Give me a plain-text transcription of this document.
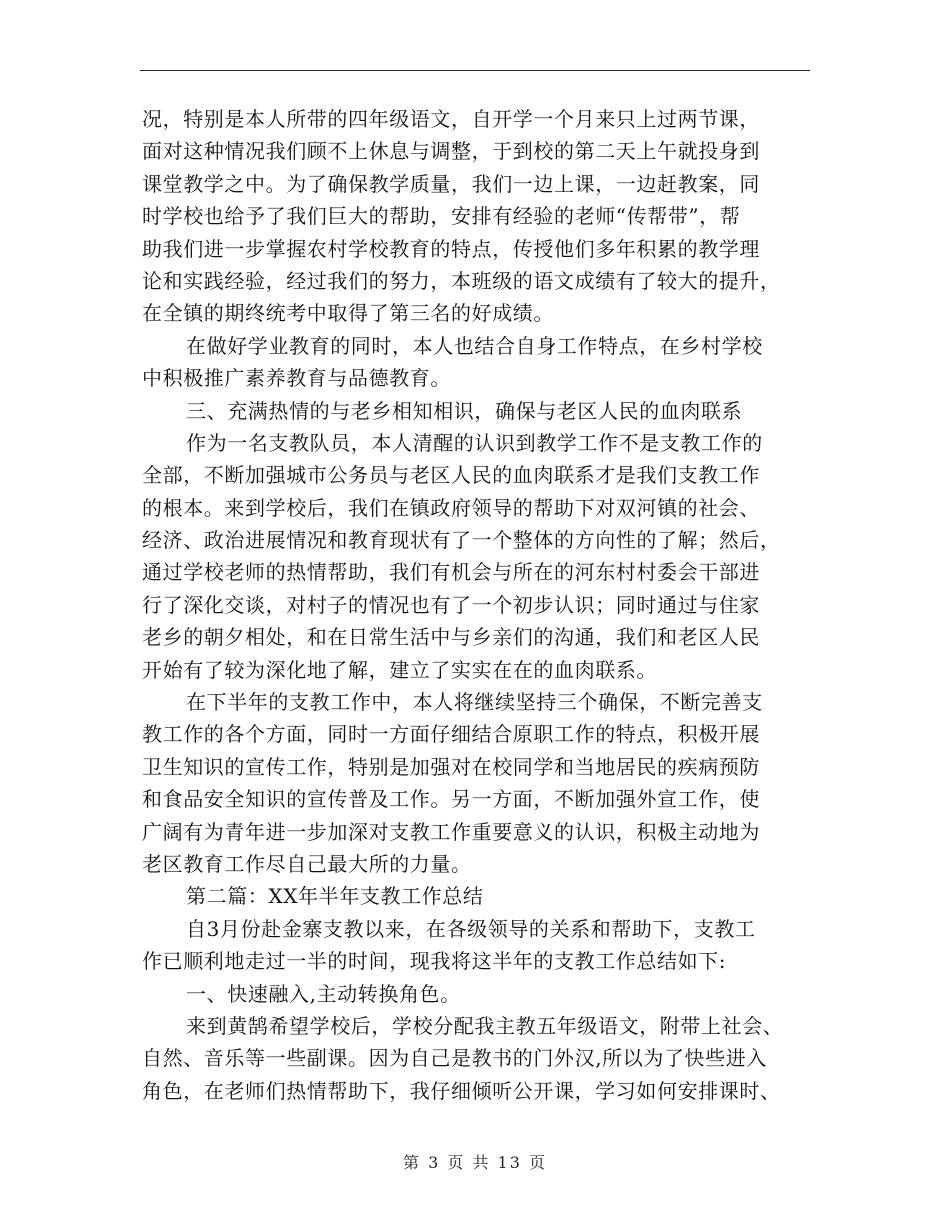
况，特别是本人所带的四年级语文，自开学一个月来只上过两节课，
面对这种情况我们顾不上休息与调整，于到校的第二天上午就投身到
课堂教学之中。为了确保教学质量，我们一边上课，一边赶教案，同
时学校也给予了我们巨大的帮助，安排有经验的老师“传帮带”，帮
助我们进一步掌握农村学校教育的特点，传授他们多年积累的教学理
论和实践经验，经过我们的努力，本班级的语文成绩有了较大的提升，
在全镇的期终统考中取得了第三名的好成绩。
在做好学业教育的同时，本人也结合自身工作特点，在乡村学校
中积极推广素养教育与品德教育。
三、充满热情的与老乡相知相识，确保与老区人民的血肉联系
作为一名支教队员，本人清醒的认识到教学工作不是支教工作的
全部，不断加强城市公务员与老区人民的血肉联系才是我们支教工作
的根本。来到学校后，我们在镇政府领导的帮助下对双河镇的社会、
经济、政治进展情况和教育现状有了一个整体的方向性的了解；然后，
通过学校老师的热情帮助，我们有机会与所在的河东村村委会干部进
行了深化交谈，对村子的情况也有了一个初步认识；同时通过与住家
老乡的朝夕相处，和在日常生活中与乡亲们的沟通，我们和老区人民
开始有了较为深化地了解，建立了实实在在的血肉联系。
在下半年的支教工作中，本人将继续坚持三个确保，不断完善支
教工作的各个方面，同时一方面仔细结合原职工作的特点，积极开展
卫生知识的宣传工作，特别是加强对在校同学和当地居民的疾病预防
和食品安全知识的宣传普及工作。另一方面，不断加强外宣工作，使
广阔有为青年进一步加深对支教工作重要意义的认识，积极主动地为
老区教育工作尽自己最大所的力量。
第二篇：XX年半年支教工作总结
自3月份赴金寨支教以来，在各级领导的关系和帮助下，支教工
作已顺利地走过一半的时间，现我将这半年的支教工作总结如下:
一、快速融入,主动转换角色。
来到黄鹄希望学校后，学校分配我主教五年级语文，附带上社会、
自然、音乐等一些副课。因为自己是教书的门外汉,所以为了快些进入
角色，在老师们热情帮助下，我仔细倾听公开课，学习如何安排课时、
第 3 页 共 13 页
